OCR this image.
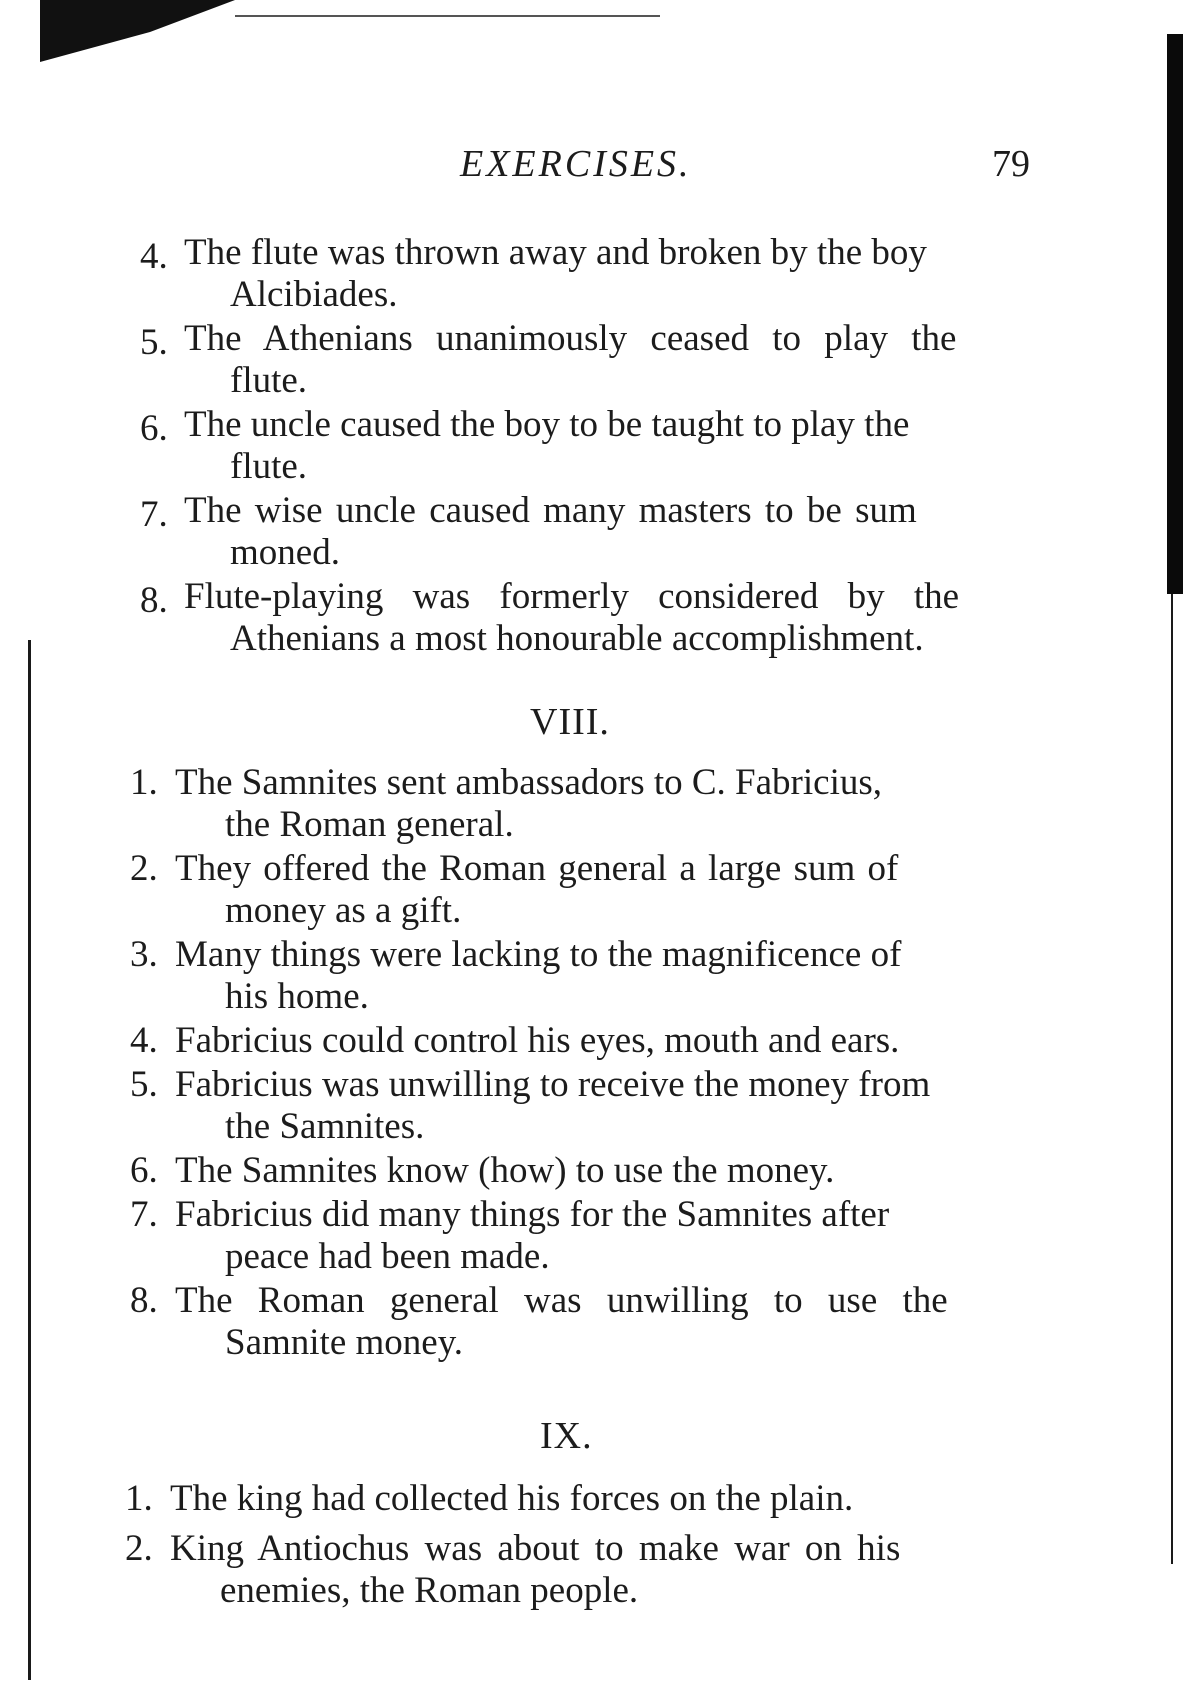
EXERCISES.	79
4. The flute was thrown away and broken by the boy
Alcibiades.
5. The Athenians unanimously ceased to play the
flute.
6. The uncle caused the boy to be taught to play the
flute.
7. The wise uncle caused many masters to be sum
moned.
8. Flute-playing was formerly considered by the
Athenians a most honourable accomplishment.
VIII.
1. The Samnites sent ambassadors to C. Fabricius,
the Roman general.
2. They offered the Roman general a large sum of
money as a gift.
3. Many things were lacking to the magnificence of
his home.
4. Fabricius could control his eyes, mouth and ears.
5. Fabricius was unwilling to receive the money from
the Samnites.
6. The Samnites know (how) to use the money.
7. Fabricius did many things for the Samnites after
peace had been made.
8. The Roman general was unwilling to use the
Samnite money.
IX.
1. The king had collected his forces on the plain.
2. King Antiochus was about to make war on his
enemies, the Roman people.
